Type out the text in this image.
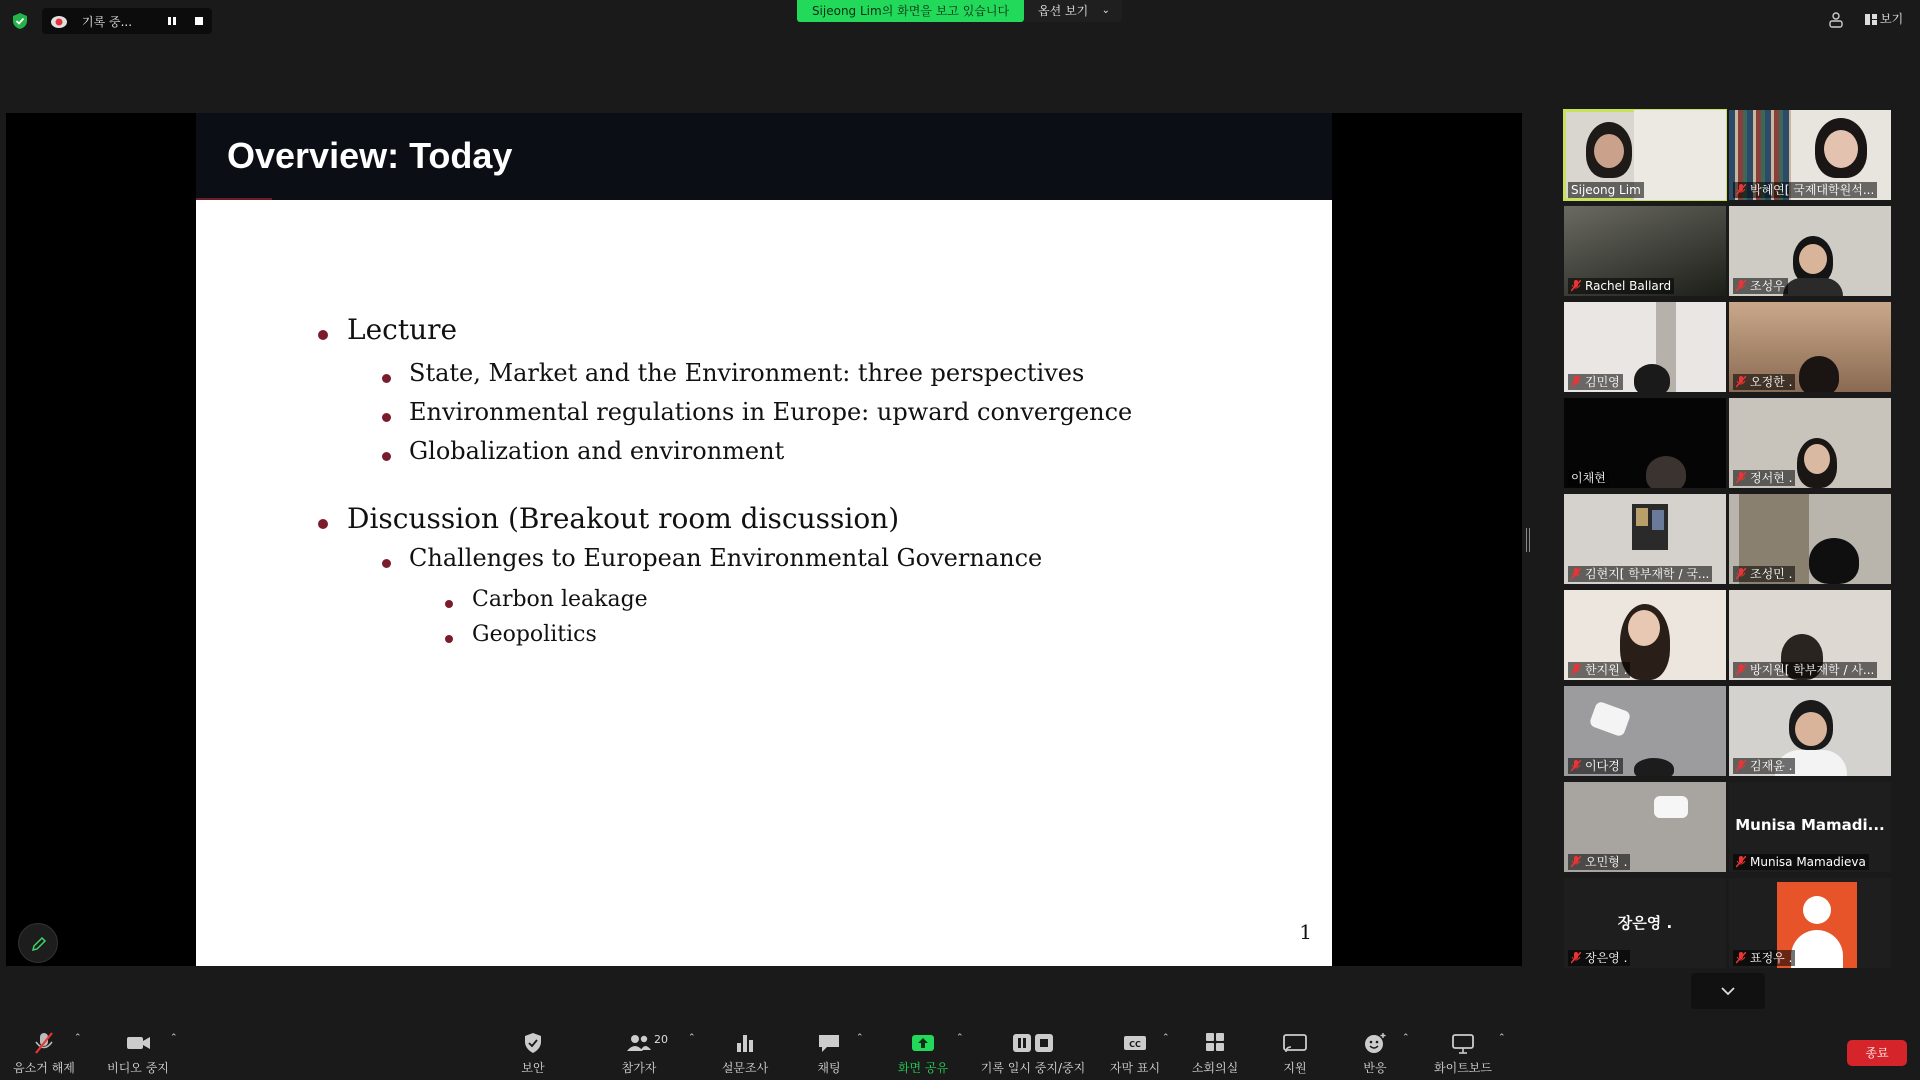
기록 중...
Sijeong Lim의 화면을 보고 있습니다	옵션 보기 ⌄
보기
Overview: Today
Lecture
State, Market and the Environment: three perspectives
Environmental regulations in Europe: upward convergence
Globalization and environment
Discussion (Breakout room discussion)
Challenges to European Environmental Governance
Carbon leakage
Geopolitics
1
Sijeong Lim	박혜연[ 국제대학원석...
Rachel Ballard	조성우
김민영	오정한 .
이채현	정서현 .
김현지[ 학부재학 / 국...	조성민 .
한지원 .	방지원[ 학부재학 / 사...
이다경	김재윤 .
오민형 .
Munisa Mamadi...
Munisa Mamadieva
장은영 .
장은영 .	표정우 .
⌃
음소거 해제
⌃
비디오 중지	보안
20 ⌃
참가자	설문조사
⌃
채팅
⌃
화면 공유	기록 일시 중지/중지
CC
⌃
자막 표시	소회의실	지원
⌃
반응
⌃
화이트보드
종료
